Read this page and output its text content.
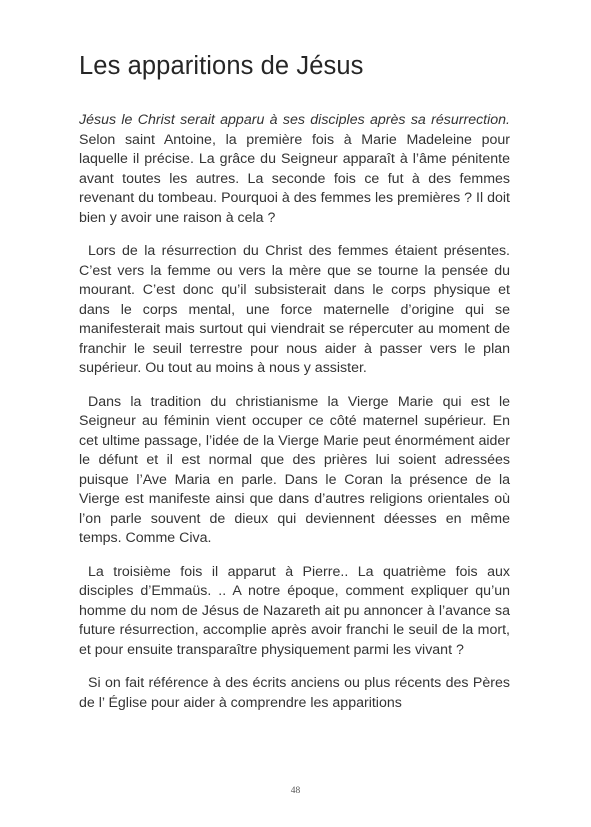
Les apparitions de Jésus

Jésus le Christ serait apparu à ses disciples après sa résurrection. Selon saint Antoine, la première fois à Marie Madeleine pour laquelle il précise. La grâce du Seigneur apparaît à l’âme pénitente avant toutes les autres. La seconde fois ce fut à des femmes revenant du tombeau. Pourquoi à des femmes les premières ? Il doit bien y avoir une raison à cela ?

Lors de la résurrection du Christ des femmes étaient présentes. C’est vers la femme ou vers la mère que se tourne la pensée du mourant. C’est donc qu’il subsisterait dans le corps physique et dans le corps mental, une force maternelle d’origine qui se manifesterait mais surtout qui viendrait se répercuter au moment de franchir le seuil terrestre pour nous aider à passer vers le plan supérieur. Ou tout au moins à nous y assister.

Dans la tradition du christianisme la Vierge Marie qui est le Seigneur au féminin vient occuper ce côté maternel supérieur. En cet ultime passage, l’idée de la Vierge Marie peut énormément aider le défunt et il est normal que des prières lui soient adressées puisque l’Ave Maria en parle. Dans le Coran la présence de la Vierge est manifeste ainsi que dans d’autres religions orientales où l’on parle souvent de dieux qui deviennent déesses en même temps. Comme Civa.

La troisième fois il apparut à Pierre.. La quatrième fois aux disciples d’Emmaüs. .. A notre époque, comment expliquer qu’un homme du nom de Jésus de Nazareth ait pu annoncer à l’avance sa future résurrection, accomplie après avoir franchi le seuil de la mort, et pour ensuite transparaître physiquement parmi les vivant ?

Si on fait référence à des écrits anciens ou plus récents des Pères de l’ Église pour aider à comprendre les apparitions

48
